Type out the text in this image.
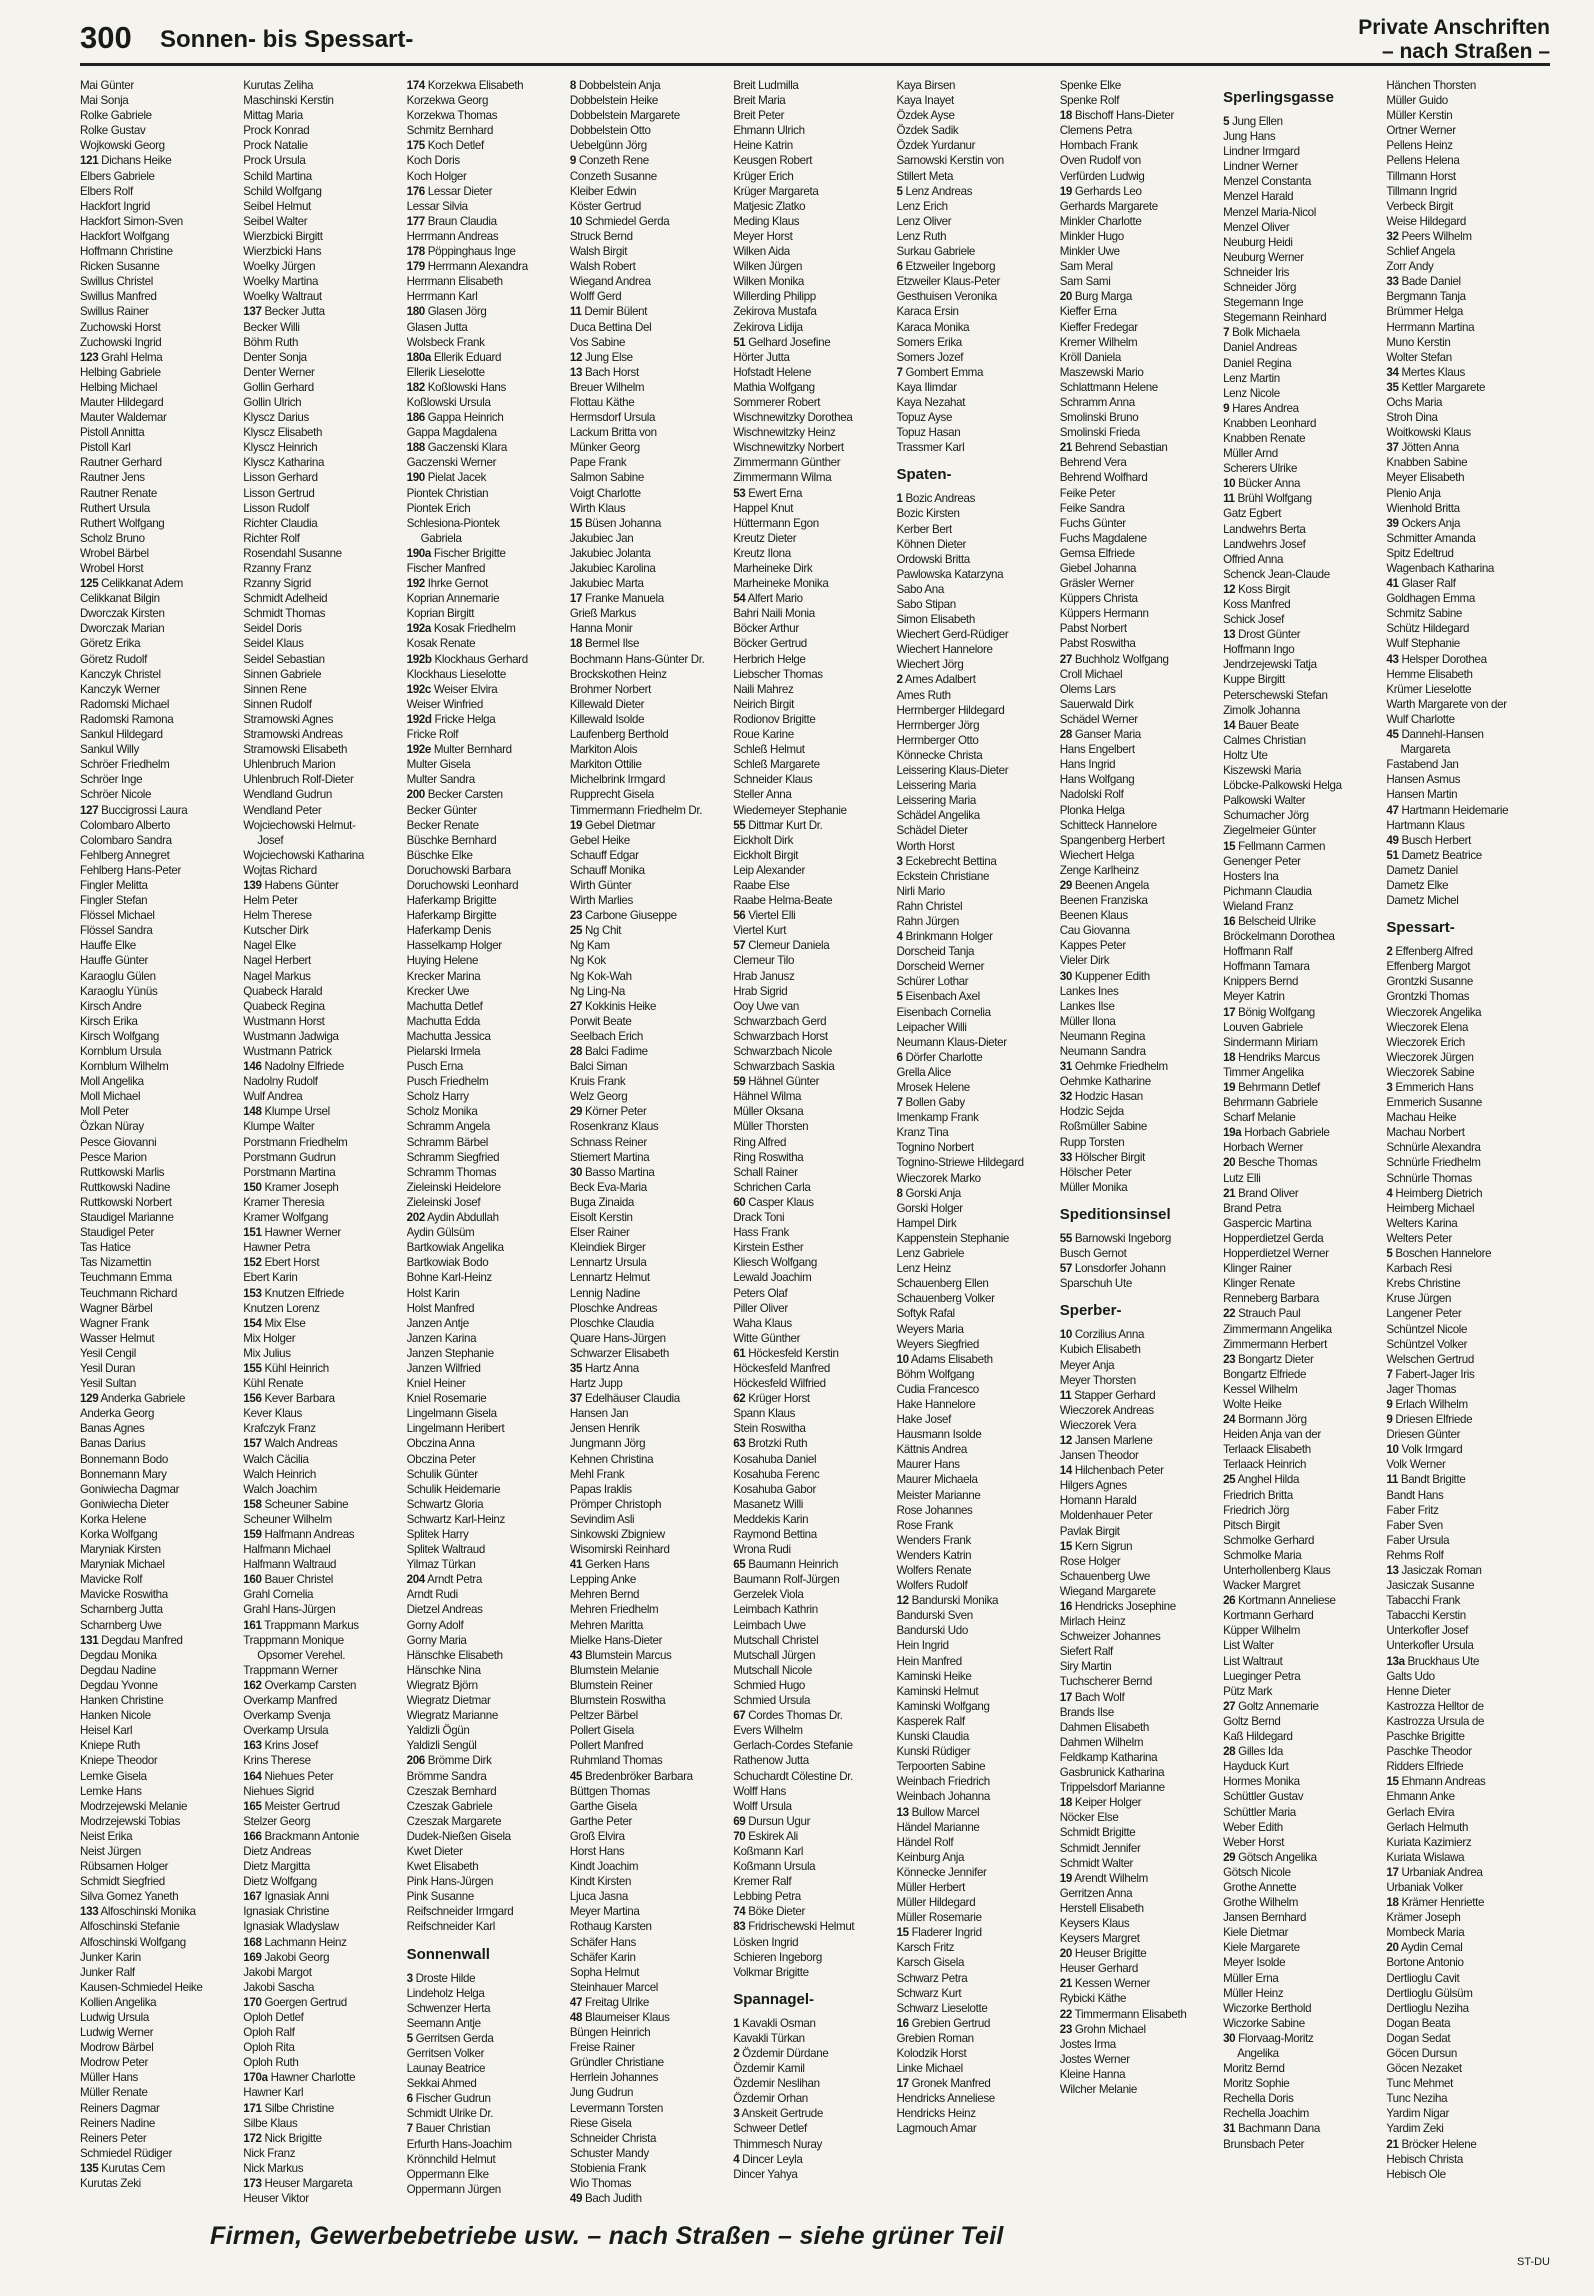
300 Sonnen- bis Spessart-	Private Anschriften
– nach Straßen –
Mai Günter
Mai Sonja
Rolke Gabriele
Rolke Gustav
Wojkowski Georg
121 Dichans Heike
Elbers Gabriele
Elbers Rolf
Hackfort Ingrid
Hackfort Simon-Sven
Hackfort Wolfgang
Hoffmann Christine
Ricken Susanne
Swillus Christel
Swillus Manfred
Swillus Rainer
Zuchowski Horst
Zuchowski Ingrid
123 Grahl Helma
Helbing Gabriele
Helbing Michael
Mauter Hildegard
Mauter Waldemar
Pistoll Annitta
Pistoll Karl
Rautner Gerhard
Rautner Jens
Rautner Renate
Ruthert Ursula
Ruthert Wolfgang
Scholz Bruno
Wrobel Bärbel
Wrobel Horst
125 Celikkanat Adem
Celikkanat Bilgin
Dworczak Kirsten
Dworczak Marian
Göretz Erika
Göretz Rudolf
Kanczyk Christel
Kanczyk Werner
Radomski Michael
Radomski Ramona
Sankul Hildegard
Sankul Willy
Schröer Friedhelm
Schröer Inge
Schröer Nicole
127 Buccigrossi Laura
Colombaro Alberto
Colombaro Sandra
Fehlberg Annegret
Fehlberg Hans-Peter
Fingler Melitta
Fingler Stefan
Flössel Michael
Flössel Sandra
Hauffe Elke
Hauffe Günter
Karaoglu Gülen
Karaoglu Yünüs
Kirsch Andre
Kirsch Erika
Kirsch Wolfgang
Kornblum Ursula
Kornblum Wilhelm
Moll Angelika
Moll Michael
Moll Peter
Özkan Nüray
Pesce Giovanni
Pesce Marion
Ruttkowski Marlis
Ruttkowski Nadine
Ruttkowski Norbert
Staudigel Marianne
Staudigel Peter
Tas Hatice
Tas Nizamettin
Teuchmann Emma
Teuchmann Richard
Wagner Bärbel
Wagner Frank
Wasser Helmut
Yesil Cengil
Yesil Duran
Yesil Sultan
129 Anderka Gabriele
Anderka Georg
Banas Agnes
Banas Darius
Bonnemann Bodo
Bonnemann Mary
Goniwiecha Dagmar
Goniwiecha Dieter
Korka Helene
Korka Wolfgang
Maryniak Kirsten
Maryniak Michael
Mavicke Rolf
Mavicke Roswitha
Scharnberg Jutta
Scharnberg Uwe
131 Degdau Manfred
Degdau Monika
Degdau Nadine
Degdau Yvonne
Hanken Christine
Hanken Nicole
Heisel Karl
Kniepe Ruth
Kniepe Theodor
Lemke Gisela
Lemke Hans
Modrzejewski Melanie
Modrzejewski Tobias
Neist Erika
Neist Jürgen
Rübsamen Holger
Schmidt Siegfried
Silva Gomez Yaneth
133 Alfoschinski Monika
Alfoschinski Stefanie
Alfoschinski Wolfgang
Junker Karin
Junker Ralf
Kausen-Schmiedel Heike
Kollien Angelika
Ludwig Ursula
Ludwig Werner
Modrow Bärbel
Modrow Peter
Müller Hans
Müller Renate
Reiners Dagmar
Reiners Nadine
Reiners Peter
Schmiedel Rüdiger
135 Kurutas Cem
Kurutas Zeki
Kurutas Zeliha
Maschinski Kerstin
Mittag Maria
Prock Konrad
Prock Natalie
Prock Ursula
Schild Martina
Schild Wolfgang
Seibel Helmut
Seibel Walter
Wierzbicki Birgitt
Wierzbicki Hans
Woelky Jürgen
Woelky Martina
Woelky Waltraut
137 Becker Jutta
Becker Willi
Böhm Ruth
Denter Sonja
Denter Werner
Gollin Gerhard
Gollin Ulrich
Klyscz Darius
Klyscz Elisabeth
Klyscz Heinrich
Klyscz Katharina
Lisson Gerhard
Lisson Gertrud
Lisson Rudolf
Richter Claudia
Richter Rolf
Rosendahl Susanne
Rzanny Franz
Rzanny Sigrid
Schmidt Adelheid
Schmidt Thomas
Seidel Doris
Seidel Klaus
Seidel Sebastian
Sinnen Gabriele
Sinnen Rene
Sinnen Rudolf
Stramowski Agnes
Stramowski Andreas
Stramowski Elisabeth
Uhlenbruch Marion
Uhlenbruch Rolf-Dieter
Wendland Gudrun
Wendland Peter
Wojciechowski Helmut-
Josef
Wojciechowski Katharina
Wojtas Richard
139 Habens Günter
Helm Peter
Helm Therese
Kutscher Dirk
Nagel Elke
Nagel Herbert
Nagel Markus
Quabeck Harald
Quabeck Regina
Wustmann Horst
Wustmann Jadwiga
Wustmann Patrick
146 Nadolny Elfriede
Nadolny Rudolf
Wulf Andrea
148 Klumpe Ursel
Klumpe Walter
Porstmann Friedhelm
Porstmann Gudrun
Porstmann Martina
150 Kramer Joseph
Kramer Theresia
Kramer Wolfgang
151 Hawner Werner
Hawner Petra
152 Ebert Horst
Ebert Karin
153 Knutzen Elfriede
Knutzen Lorenz
154 Mix Else
Mix Holger
Mix Julius
155 Kühl Heinrich
Kühl Renate
156 Kever Barbara
Kever Klaus
Krafczyk Franz
157 Walch Andreas
Walch Cäcilia
Walch Heinrich
Walch Joachim
158 Scheuner Sabine
Scheuner Wilhelm
159 Halfmann Andreas
Halfmann Michael
Halfmann Waltraud
160 Bauer Christel
Grahl Cornelia
Grahl Hans-Jürgen
161 Trappmann Markus
Trappmann Monique
Opsomer Verehel.
Trappmann Werner
162 Overkamp Carsten
Overkamp Manfred
Overkamp Svenja
Overkamp Ursula
163 Krins Josef
Krins Therese
164 Niehues Peter
Niehues Sigrid
165 Meister Gertrud
Stelzer Georg
166 Brackmann Antonie
Dietz Andreas
Dietz Margitta
Dietz Wolfgang
167 Ignasiak Anni
Ignasiak Christine
Ignasiak Wladyslaw
168 Lachmann Heinz
169 Jakobi Georg
Jakobi Margot
Jakobi Sascha
170 Goergen Gertrud
Oploh Detlef
Oploh Ralf
Oploh Rita
Oploh Ruth
170a Hawner Charlotte
Hawner Karl
171 Silbe Christine
Silbe Klaus
172 Nick Brigitte
Nick Franz
Nick Markus
173 Heuser Margareta
Heuser Viktor
174 Korzekwa Elisabeth
Korzekwa Georg
Korzekwa Thomas
Schmitz Bernhard
175 Koch Detlef
Koch Doris
Koch Holger
176 Lessar Dieter
Lessar Silvia
177 Braun Claudia
Herrmann Andreas
178 Pöppinghaus Inge
179 Herrmann Alexandra
Herrmann Elisabeth
Herrmann Karl
180 Glasen Jörg
Glasen Jutta
Wolsbeck Frank
180a Ellerik Eduard
Ellerik Lieselotte
182 Koßlowski Hans
Koßlowski Ursula
186 Gappa Heinrich
Gappa Magdalena
188 Gaczenski Klara
Gaczenski Werner
190 Pielat Jacek
Piontek Christian
Piontek Erich
Schlesiona-Piontek
Gabriela
190a Fischer Brigitte
Fischer Manfred
192 Ihrke Gernot
Koprian Annemarie
Koprian Birgitt
192a Kosak Friedhelm
Kosak Renate
192b Klockhaus Gerhard
Klockhaus Lieselotte
192c Weiser Elvira
Weiser Winfried
192d Fricke Helga
Fricke Rolf
192e Multer Bernhard
Multer Gisela
Multer Sandra
200 Becker Carsten
Becker Günter
Becker Renate
Büschke Bernhard
Büschke Elke
Doruchowski Barbara
Doruchowski Leonhard
Haferkamp Brigitte
Haferkamp Birgitte
Haferkamp Denis
Hasselkamp Holger
Huying Helene
Krecker Marina
Krecker Uwe
Machutta Detlef
Machutta Edda
Machutta Jessica
Pielarski Irmela
Pusch Erna
Pusch Friedhelm
Scholz Harry
Scholz Monika
Schramm Angela
Schramm Bärbel
Schramm Siegfried
Schramm Thomas
Zieleinski Heidelore
Zieleinski Josef
202 Aydin Abdullah
Aydin Gülsüm
Bartkowiak Angelika
Bartkowiak Bodo
Bohne Karl-Heinz
Holst Karin
Holst Manfred
Janzen Antje
Janzen Karina
Janzen Stephanie
Janzen Wilfried
Kniel Heiner
Kniel Rosemarie
Lingelmann Gisela
Lingelmann Heribert
Obczina Anna
Obczina Peter
Schulik Günter
Schulik Heidemarie
Schwartz Gloria
Schwartz Karl-Heinz
Splitek Harry
Splitek Waltraud
Yilmaz Türkan
204 Arndt Petra
Arndt Rudi
Dietzel Andreas
Gorny Adolf
Gorny Maria
Hänschke Elisabeth
Hänschke Nina
Wiegratz Björn
Wiegratz Dietmar
Wiegratz Marianne
Yaldizli Ögün
Yaldizli Sengül
206 Brömme Dirk
Brömme Sandra
Czeszak Bernhard
Czeszak Gabriele
Czeszak Margarete
Dudek-Nießen Gisela
Kwet Dieter
Kwet Elisabeth
Pink Hans-Jürgen
Pink Susanne
Reifschneider Irmgard
Reifschneider Karl
Sonnenwall
3 Droste Hilde
Lindeholz Helga
Schwenzer Herta
Seemann Antje
5 Gerritsen Gerda
Gerritsen Volker
Launay Beatrice
Sekkai Ahmed
6 Fischer Gudrun
Schmidt Ulrike Dr.
7 Bauer Christian
Erfurth Hans-Joachim
Krönnchild Helmut
Oppermann Elke
Oppermann Jürgen
8 Dobbelstein Anja
Dobbelstein Heike
Dobbelstein Margarete
Dobbelstein Otto
Uebelgünn Jörg
9 Conzeth Rene
Conzeth Susanne
Kleiber Edwin
Köster Gertrud
10 Schmiedel Gerda
Struck Bernd
Walsh Birgit
Walsh Robert
Wiegand Andrea
Wolff Gerd
11 Demir Bülent
Duca Bettina Del
Vos Sabine
12 Jung Else
13 Bach Horst
Breuer Wilhelm
Flottau Käthe
Hermsdorf Ursula
Lackum Britta von
Münker Georg
Pape Frank
Salmon Sabine
Voigt Charlotte
Wirth Klaus
15 Büsen Johanna
Jakubiec Jan
Jakubiec Jolanta
Jakubiec Karolina
Jakubiec Marta
17 Franke Manuela
Grieß Markus
Hanna Monir
18 Bermel Ilse
Bochmann Hans-Günter Dr.
Brockskothen Heinz
Brohmer Norbert
Killewald Dieter
Killewald Isolde
Laufenberg Berthold
Markiton Alois
Markiton Ottilie
Michelbrink Irmgard
Rupprecht Gisela
Timmermann Friedhelm Dr.
19 Gebel Dietmar
Gebel Heike
Schauff Edgar
Schauff Monika
Wirth Günter
Wirth Marlies
23 Carbone Giuseppe
25 Ng Chit
Ng Kam
Ng Kok
Ng Kok-Wah
Ng Ling-Na
27 Kokkinis Heike
Porwit Beate
Seelbach Erich
28 Balci Fadime
Balci Siman
Kruis Frank
Welz Georg
29 Körner Peter
Rosenkranz Klaus
Schnass Reiner
Stiemert Martina
30 Basso Martina
Beck Eva-Maria
Buga Zinaida
Eisolt Kerstin
Elser Rainer
Kleindiek Birger
Lennartz Ursula
Lennartz Helmut
Lennig Nadine
Ploschke Andreas
Ploschke Claudia
Quare Hans-Jürgen
Schwarzer Elisabeth
35 Hartz Anna
Hartz Jupp
37 Edelhäuser Claudia
Hansen Jan
Jensen Henrik
Jungmann Jörg
Kehnen Christina
Mehl Frank
Papas Iraklis
Prömper Christoph
Sevindim Asli
Sinkowski Zbigniew
Wisomirski Reinhard
41 Gerken Hans
Lepping Anke
Mehren Bernd
Mehren Friedhelm
Mehren Maritta
Mielke Hans-Dieter
43 Blumstein Marcus
Blumstein Melanie
Blumstein Reiner
Blumstein Roswitha
Peltzer Bärbel
Pollert Gisela
Pollert Manfred
Ruhmland Thomas
45 Bredenbröker Barbara
Büttgen Thomas
Garthe Gisela
Garthe Peter
Groß Elvira
Horst Hans
Kindt Joachim
Kindt Kirsten
Ljuca Jasna
Meyer Martina
Rothaug Karsten
Schäfer Hans
Schäfer Karin
Sopha Helmut
Steinhauer Marcel
47 Freitag Ulrike
48 Blaumeiser Klaus
Büngen Heinrich
Freise Rainer
Gründler Christiane
Herrlein Johannes
Jung Gudrun
Levermann Torsten
Riese Gisela
Schneider Christa
Schuster Mandy
Stobienia Frank
Wio Thomas
49 Bach Judith
Breit Ludmilla
Breit Maria
Breit Peter
Ehmann Ulrich
Heine Katrin
Keusgen Robert
Krüger Erich
Krüger Margareta
Matjesic Zlatko
Meding Klaus
Meyer Horst
Wilken Aida
Wilken Jürgen
Wilken Monika
Willerding Philipp
Zekirova Mustafa
Zekirova Lidija
51 Gelhard Josefine
Hörter Jutta
Hofstadt Helene
Mathia Wolfgang
Sommerer Robert
Wischnewitzky Dorothea
Wischnewitzky Heinz
Wischnewitzky Norbert
Zimmermann Günther
Zimmermann Wilma
53 Ewert Erna
Happel Knut
Hüttermann Egon
Kreutz Dieter
Kreutz Ilona
Marheineke Dirk
Marheineke Monika
54 Alfert Mario
Bahri Naili Monia
Böcker Arthur
Böcker Gertrud
Herbrich Helge
Liebscher Thomas
Naili Mahrez
Neirich Birgit
Rodionov Brigitte
Roue Karine
Schleß Helmut
Schleß Margarete
Schneider Klaus
Steller Anna
Wiedemeyer Stephanie
55 Dittmar Kurt Dr.
Eickholt Dirk
Eickholt Birgit
Leip Alexander
Raabe Else
Raabe Helma-Beate
56 Viertel Elli
Viertel Kurt
57 Clemeur Daniela
Clemeur Tilo
Hrab Janusz
Hrab Sigrid
Ooy Uwe van
Schwarzbach Gerd
Schwarzbach Horst
Schwarzbach Nicole
Schwarzbach Saskia
59 Hähnel Günter
Hähnel Wilma
Müller Oksana
Müller Thorsten
Ring Alfred
Ring Roswitha
Schall Rainer
Schrichen Carla
60 Casper Klaus
Drack Toni
Hass Frank
Kirstein Esther
Kliesch Wolfgang
Lewald Joachim
Peters Olaf
Piller Oliver
Waha Klaus
Witte Günther
61 Höckesfeld Kerstin
Höckesfeld Manfred
Höckesfeld Wilfried
62 Krüger Horst
Spann Klaus
Stein Roswitha
63 Brotzki Ruth
Kosahuba Daniel
Kosahuba Ferenc
Kosahuba Gabor
Masanetz Willi
Meddekis Karin
Raymond Bettina
Wrona Rudi
65 Baumann Heinrich
Baumann Rolf-Jürgen
Gerzelek Viola
Leimbach Kathrin
Leimbach Uwe
Mutschall Christel
Mutschall Jürgen
Mutschall Nicole
Schmied Hugo
Schmied Ursula
67 Cordes Thomas Dr.
Evers Wilhelm
Gerlach-Cordes Stefanie
Rathenow Jutta
Schuchardt Cölestine Dr.
Wolff Hans
Wolff Ursula
69 Dursun Ugur
70 Eskirek Ali
Koßmann Karl
Koßmann Ursula
Kremer Ralf
Lebbing Petra
74 Böke Dieter
83 Fridrischewski Helmut
Lösken Ingrid
Schieren Ingeborg
Volkmar Brigitte
Spannagel-
1 Kavakli Osman
Kavakli Türkan
2 Özdemir Dürdane
Özdemir Kamil
Özdemir Neslihan
Özdemir Orhan
3 Anskeit Gertrude
Schweer Detlef
Thimmesch Nuray
4 Dincer Leyla
Dincer Yahya
Kaya Birsen
Kaya Inayet
Özdek Ayse
Özdek Sadik
Özdek Yurdanur
Sarnowski Kerstin von
Stillert Meta
5 Lenz Andreas
Lenz Erich
Lenz Oliver
Lenz Ruth
Surkau Gabriele
6 Etzweiler Ingeborg
Etzweiler Klaus-Peter
Gesthuisen Veronika
Karaca Ersin
Karaca Monika
Somers Erika
Somers Jozef
7 Gombert Emma
Kaya Ilimdar
Kaya Nezahat
Topuz Ayse
Topuz Hasan
Trassmer Karl
Spaten-
1 Bozic Andreas
Bozic Kirsten
Kerber Bert
Köhnen Dieter
Ordowski Britta
Pawlowska Katarzyna
Sabo Ana
Sabo Stipan
Simon Elisabeth
Wiechert Gerd-Rüdiger
Wiechert Hannelore
Wiechert Jörg
2 Ames Adalbert
Ames Ruth
Herrnberger Hildegard
Herrnberger Jörg
Herrnberger Otto
Könnecke Christa
Leissering Klaus-Dieter
Leissering Maria
Leissering Maria
Schädel Angelika
Schädel Dieter
Worth Horst
3 Eckebrecht Bettina
Eckstein Christiane
Nirli Mario
Rahn Christel
Rahn Jürgen
4 Brinkmann Holger
Dorscheid Tanja
Dorscheid Werner
Schürer Lothar
5 Eisenbach Axel
Eisenbach Cornelia
Leipacher Willi
Neumann Klaus-Dieter
6 Dörfer Charlotte
Grella Alice
Mrosek Helene
7 Bollen Gaby
Imenkamp Frank
Kranz Tina
Tognino Norbert
Tognino-Striewe Hildegard
Wieczorek Marko
8 Gorski Anja
Gorski Holger
Hampel Dirk
Kappenstein Stephanie
Lenz Gabriele
Lenz Heinz
Schauenberg Ellen
Schauenberg Volker
Softyk Rafal
Weyers Maria
Weyers Siegfried
10 Adams Elisabeth
Böhm Wolfgang
Cudia Francesco
Hake Hannelore
Hake Josef
Hausmann Isolde
Kättnis Andrea
Maurer Hans
Maurer Michaela
Meister Marianne
Rose Johannes
Rose Frank
Wenders Frank
Wenders Katrin
Wolfers Renate
Wolfers Rudolf
12 Bandurski Monika
Bandurski Sven
Bandurski Udo
Hein Ingrid
Hein Manfred
Kaminski Heike
Kaminski Helmut
Kaminski Wolfgang
Kasperek Ralf
Kunski Claudia
Kunski Rüdiger
Terpoorten Sabine
Weinbach Friedrich
Weinbach Johanna
13 Bullow Marcel
Händel Marianne
Händel Rolf
Keinburg Anja
Könnecke Jennifer
Müller Herbert
Müller Hildegard
Müller Rosemarie
15 Fladerer Ingrid
Karsch Fritz
Karsch Gisela
Schwarz Petra
Schwarz Kurt
Schwarz Lieselotte
16 Grebien Gertrud
Grebien Roman
Kolodzik Horst
Linke Michael
17 Gronek Manfred
Hendricks Anneliese
Hendricks Heinz
Lagmouch Amar
Spenke Elke
Spenke Rolf
18 Bischoff Hans-Dieter
Clemens Petra
Hombach Frank
Oven Rudolf von
Verfürden Ludwig
19 Gerhards Leo
Gerhards Margarete
Minkler Charlotte
Minkler Hugo
Minkler Uwe
Sam Meral
Sam Sami
20 Burg Marga
Kieffer Erna
Kieffer Fredegar
Kremer Wilhelm
Kröll Daniela
Maszewski Mario
Schlattmann Helene
Schramm Anna
Smolinski Bruno
Smolinski Frieda
21 Behrend Sebastian
Behrend Vera
Behrend Wolfhard
Feike Peter
Feike Sandra
Fuchs Günter
Fuchs Magdalene
Gemsa Elfriede
Giebel Johanna
Gräsler Werner
Küppers Christa
Küppers Hermann
Pabst Norbert
Pabst Roswitha
27 Buchholz Wolfgang
Croll Michael
Olems Lars
Sauerwald Dirk
Schädel Werner
28 Ganser Maria
Hans Engelbert
Hans Ingrid
Hans Wolfgang
Nadolski Rolf
Plonka Helga
Schitteck Hannelore
Spangenberg Herbert
Wiechert Helga
Zenge Karlheinz
29 Beenen Angela
Beenen Franziska
Beenen Klaus
Cau Giovanna
Kappes Peter
Vieler Dirk
30 Kuppener Edith
Lankes Ines
Lankes Ilse
Müller Ilona
Neumann Regina
Neumann Sandra
31 Oehmke Friedhelm
Oehmke Katharine
32 Hodzic Hasan
Hodzic Sejda
Roßmüller Sabine
Rupp Torsten
33 Hölscher Birgit
Hölscher Peter
Müller Monika
Speditionsinsel
55 Barnowski Ingeborg
Busch Gernot
57 Lonsdorfer Johann
Sparschuh Ute
Sperber-
10 Corzilius Anna
Kubich Elisabeth
Meyer Anja
Meyer Thorsten
11 Stapper Gerhard
Wieczorek Andreas
Wieczorek Vera
12 Jansen Marlene
Jansen Theodor
14 Hilchenbach Peter
Hilgers Agnes
Homann Harald
Moldenhauer Peter
Pavlak Birgit
15 Kern Sigrun
Rose Holger
Schauenberg Uwe
Wiegand Margarete
16 Hendricks Josephine
Mirlach Heinz
Schweizer Johannes
Siefert Ralf
Siry Martin
Tuchscherer Bernd
17 Bach Wolf
Brands Ilse
Dahmen Elisabeth
Dahmen Wilhelm
Feldkamp Katharina
Gasbrunick Katharina
Trippelsdorf Marianne
18 Keiper Holger
Nöcker Else
Schmidt Brigitte
Schmidt Jennifer
Schmidt Walter
19 Arendt Wilhelm
Gerritzen Anna
Herstell Elisabeth
Keysers Klaus
Keysers Margret
20 Heuser Brigitte
Heuser Gerhard
21 Kessen Werner
Rybicki Käthe
22 Timmermann Elisabeth
23 Grohn Michael
Jostes Irma
Jostes Werner
Kleine Hanna
Wilcher Melanie
Sperlingsgasse
5 Jung Ellen
Jung Hans
Lindner Irmgard
Lindner Werner
Menzel Constanta
Menzel Harald
Menzel Maria-Nicol
Menzel Oliver
Neuburg Heidi
Neuburg Werner
Schneider Iris
Schneider Jörg
Stegemann Inge
Stegemann Reinhard
7 Bolk Michaela
Daniel Andreas
Daniel Regina
Lenz Martin
Lenz Nicole
9 Hares Andrea
Knabben Leonhard
Knabben Renate
Müller Arnd
Scherers Ulrike
10 Bücker Anna
11 Brühl Wolfgang
Gatz Egbert
Landwehrs Berta
Landwehrs Josef
Offried Anna
Schenck Jean-Claude
12 Koss Birgit
Koss Manfred
Schick Josef
13 Drost Günter
Hoffmann Ingo
Jendrzejewski Tatja
Kuppe Birgitt
Peterschewski Stefan
Zimolk Johanna
14 Bauer Beate
Calmes Christian
Holtz Ute
Kiszewski Maria
Löbcke-Palkowski Helga
Palkowski Walter
Schumacher Jörg
Ziegelmeier Günter
15 Fellmann Carmen
Genenger Peter
Hosters Ina
Pichmann Claudia
Wieland Franz
16 Belscheid Ulrike
Bröckelmann Dorothea
Hoffmann Ralf
Hoffmann Tamara
Knippers Bernd
Meyer Katrin
17 Bönig Wolfgang
Louven Gabriele
Sindermann Miriam
18 Hendriks Marcus
Timmer Angelika
19 Behrmann Detlef
Behrmann Gabriele
Scharf Melanie
19a Horbach Gabriele
Horbach Werner
20 Besche Thomas
Lutz Elli
21 Brand Oliver
Brand Petra
Gaspercic Martina
Hopperdietzel Gerda
Hopperdietzel Werner
Klinger Rainer
Klinger Renate
Renneberg Barbara
22 Strauch Paul
Zimmermann Angelika
Zimmermann Herbert
23 Bongartz Dieter
Bongartz Elfriede
Kessel Wilhelm
Wolte Heike
24 Bormann Jörg
Heiden Anja van der
Terlaack Elisabeth
Terlaack Heinrich
25 Anghel Hilda
Friedrich Britta
Friedrich Jörg
Pitsch Birgit
Schmolke Gerhard
Schmolke Maria
Unterhollenberg Klaus
Wacker Margret
26 Kortmann Anneliese
Kortmann Gerhard
Küpper Wilhelm
List Walter
List Waltraut
Lueginger Petra
Pütz Mark
27 Goltz Annemarie
Goltz Bernd
Kaß Hildegard
28 Gilles Ida
Hayduck Kurt
Hormes Monika
Schüttler Gustav
Schüttler Maria
Weber Edith
Weber Horst
29 Götsch Angelika
Götsch Nicole
Grothe Annette
Grothe Wilhelm
Jansen Bernhard
Kiele Dietmar
Kiele Margarete
Meyer Isolde
Müller Erna
Müller Heinz
Wiczorke Berthold
Wiczorke Sabine
30 Florvaag-Moritz
Angelika
Moritz Bernd
Moritz Sophie
Rechella Doris
Rechella Joachim
31 Bachmann Dana
Brunsbach Peter
Hänchen Thorsten
Müller Guido
Müller Kerstin
Ortner Werner
Pellens Heinz
Pellens Helena
Tillmann Horst
Tillmann Ingrid
Verbeck Birgit
Weise Hildegard
32 Peers Wilhelm
Schlief Angela
Zorr Andy
33 Bade Daniel
Bergmann Tanja
Brümmer Helga
Herrmann Martina
Muno Kerstin
Wolter Stefan
34 Mertes Klaus
35 Kettler Margarete
Ochs Maria
Stroh Dina
Woitkowski Klaus
37 Jötten Anna
Knabben Sabine
Meyer Elisabeth
Plenio Anja
Wienhold Britta
39 Ockers Anja
Schmitter Amanda
Spitz Edeltrud
Wagenbach Katharina
41 Glaser Ralf
Goldhagen Emma
Schmitz Sabine
Schütz Hildegard
Wulf Stephanie
43 Helsper Dorothea
Hemme Elisabeth
Krümer Lieselotte
Warth Margarete von der
Wulf Charlotte
45 Dannehl-Hansen
Margareta
Fastabend Jan
Hansen Asmus
Hansen Martin
47 Hartmann Heidemarie
Hartmann Klaus
49 Busch Herbert
51 Dametz Beatrice
Dametz Daniel
Dametz Elke
Dametz Michel
Spessart-
2 Effenberg Alfred
Effenberg Margot
Grontzki Susanne
Grontzki Thomas
Wieczorek Angelika
Wieczorek Elena
Wieczorek Erich
Wieczorek Jürgen
Wieczorek Sabine
3 Emmerich Hans
Emmerich Susanne
Machau Heike
Machau Norbert
Schnürle Alexandra
Schnürle Friedhelm
Schnürle Thomas
4 Heimberg Dietrich
Heimberg Michael
Welters Karina
Welters Peter
5 Boschen Hannelore
Karbach Resi
Krebs Christine
Kruse Jürgen
Langener Peter
Schüntzel Nicole
Schüntzel Volker
Welschen Gertrud
7 Fabert-Jager Iris
Jager Thomas
9 Erlach Wilhelm
9 Driesen Elfriede
Driesen Günter
10 Volk Irmgard
Volk Werner
11 Bandt Brigitte
Bandt Hans
Faber Fritz
Faber Sven
Faber Ursula
Rehms Rolf
13 Jasiczak Roman
Jasiczak Susanne
Tabacchi Frank
Tabacchi Kerstin
Unterkofler Josef
Unterkofler Ursula
13a Bruckhaus Ute
Galts Udo
Henne Dieter
Kastrozza Helltor de
Kastrozza Ursula de
Paschke Brigitte
Paschke Theodor
Ridders Elfriede
15 Ehmann Andreas
Ehmann Anke
Gerlach Elvira
Gerlach Helmuth
Kuriata Kazimierz
Kuriata Wislawa
17 Urbaniak Andrea
Urbaniak Volker
18 Krämer Henriette
Krämer Joseph
Mombeck Maria
20 Aydin Cemal
Bortone Antonio
Dertlioglu Cavit
Dertlioglu Gülsüm
Dertlioglu Neziha
Dogan Beata
Dogan Sedat
Göcen Dursun
Göcen Nezaket
Tunc Mehmet
Tunc Neziha
Yardim Nigar
Yardim Zeki
21 Bröcker Helene
Hebisch Christa
Hebisch Ole
Firmen, Gewerbebetriebe usw. – nach Straßen – siehe grüner Teil
ST-DU
